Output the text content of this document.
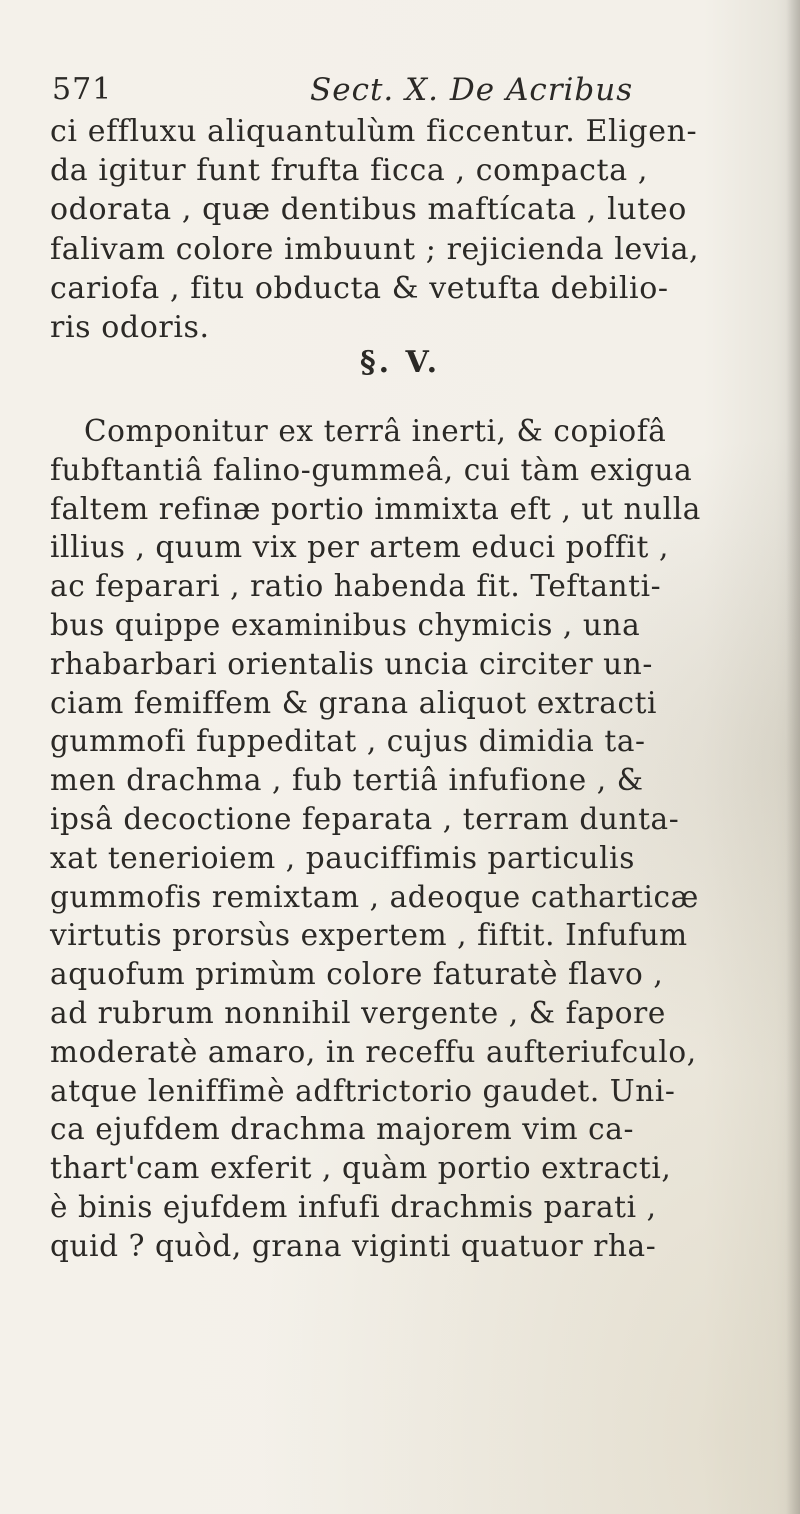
571	Sect. X. De Acribus
ci effluxu aliquantulùm ficcentur. Eligen-
da igitur funt frufta ficca , compacta ,
odorata , quæ dentibus maftícata , luteo
falivam colore imbuunt ; rejicienda levia,
cariofa , fitu obducta & vetufta debilio-
ris odoris.
§. V.
Componitur ex terrâ inerti, & copiofâ
fubftantiâ falino-gummeâ, cui tàm exigua
faltem refinæ portio immixta eft , ut nulla
illius , quum vix per artem educi poffit ,
ac feparari , ratio habenda fit. Teftanti-
bus quippe examinibus chymicis , una
rhabarbari orientalis uncia circiter un-
ciam femiffem & grana aliquot extracti
gummofi fuppeditat , cujus dimidia ta-
men drachma , fub tertiâ infufione , &
ipsâ decoctione feparata , terram dunta-
xat tenerioiem , pauciffimis particulis
gummofis remixtam , adeoque catharticæ
virtutis prorsùs expertem , fiftit. Infufum
aquofum primùm colore faturatè flavo ,
ad rubrum nonnihil vergente , & fapore
moderatè amaro, in receffu aufteriufculo,
atque leniffimè adftrictorio gaudet. Uni-
ca ejufdem drachma majorem vim ca-
thart'cam exferit , quàm portio extracti,
è binis ejufdem infufi drachmis parati ,
quid ? quòd, grana viginti quatuor rha-
